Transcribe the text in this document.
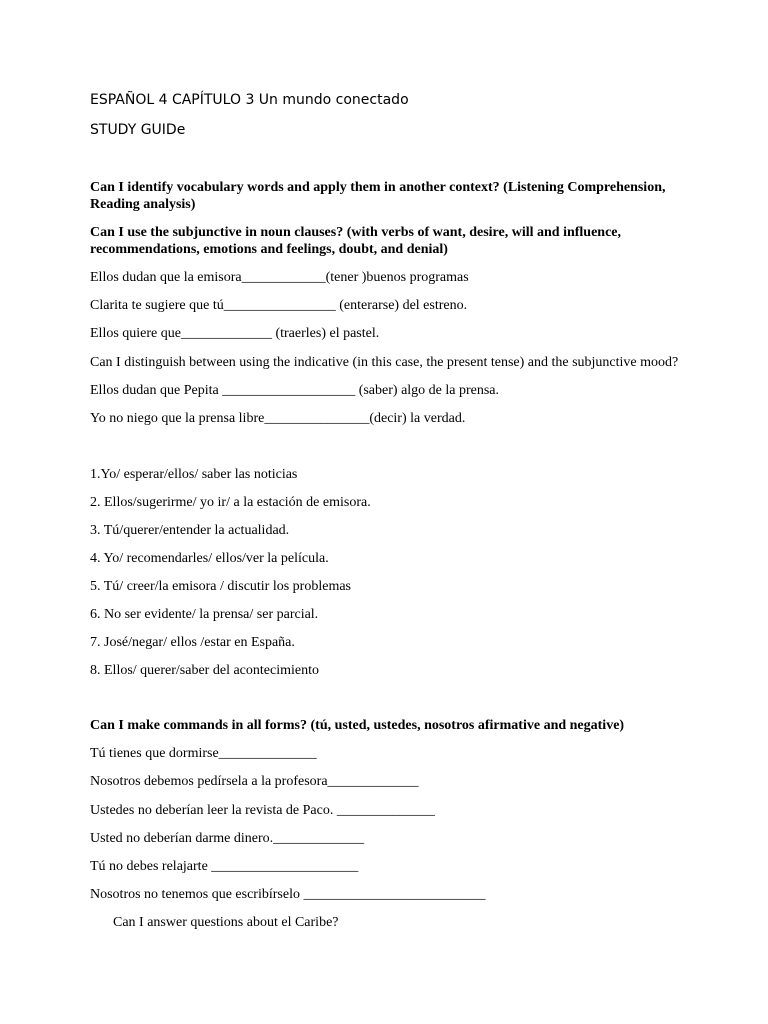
ESPAÑOL 4 CAPÍTULO 3 Un mundo conectado
STUDY GUIDe
Can I identify vocabulary words and apply them in another context? (Listening Comprehension,
Reading analysis)
Can I use the subjunctive in noun clauses? (with verbs of want, desire, will and influence,
recommendations, emotions and feelings, doubt, and denial)
Ellos dudan que la emisora____________(tener )buenos programas
Clarita te sugiere que tú________________ (enterarse) del estreno.
Ellos quiere que_____________ (traerles) el pastel.
Can I distinguish between using the indicative (in this case, the present tense) and the subjunctive mood?
Ellos dudan que Pepita ___________________ (saber) algo de la prensa.
Yo no niego que la prensa libre_______________(decir) la verdad.
1.Yo/ esperar/ellos/ saber las noticias
2. Ellos/sugerirme/ yo ir/ a la estación de emisora.
3. Tú/querer/entender la actualidad.
4. Yo/ recomendarles/ ellos/ver la película.
5. Tú/ creer/la emisora / discutir los problemas
6. No ser evidente/ la prensa/ ser parcial.
7. José/negar/ ellos /estar en España.
8. Ellos/ querer/saber del acontecimiento
Can I make commands in all forms? (tú, usted, ustedes, nosotros afirmative and negative)
Tú tienes que dormirse______________
Nosotros debemos pedírsela a la profesora_____________
Ustedes no deberían leer la revista de Paco. ______________
Usted no deberían darme dinero._____________
Tú no debes relajarte _____________________
Nosotros no tenemos que escribírselo __________________________
Can I answer questions about el Caribe?
